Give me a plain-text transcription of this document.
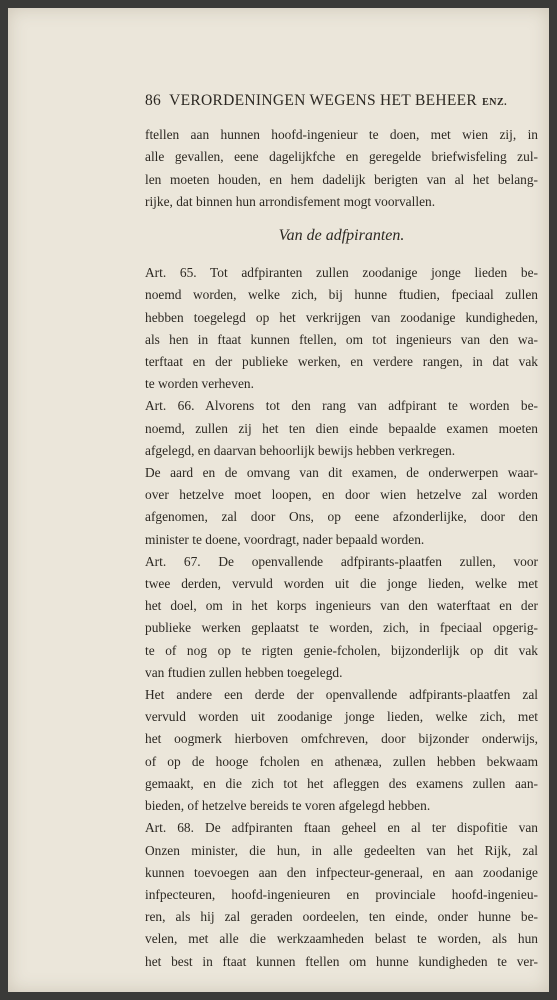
86 VERORDENINGEN WEGENS HET BEHEER ENZ.

ftellen aan hunnen hoofd-ingenieur te doen, met wien zij, in
alle gevallen, eene dagelijkfche en geregelde briefwisfeling zul-
len moeten houden, en hem dadelijk berigten van al het belang-
rijke, dat binnen hun arrondisfement mogt voorvallen.

Van de adfpiranten.

Art. 65. Tot adfpiranten zullen zoodanige jonge lieden be-
noemd worden, welke zich, bij hunne ftudien, fpeciaal zullen
hebben toegelegd op het verkrijgen van zoodanige kundigheden,
als hen in ftaat kunnen ftellen, om tot ingenieurs van den wa-
terftaat en der publieke werken, en verdere rangen, in dat vak
te worden verheven.

Art. 66. Alvorens tot den rang van adfpirant te worden be-
noemd, zullen zij het ten dien einde bepaalde examen moeten
afgelegd, en daarvan behoorlijk bewijs hebben verkregen.

De aard en de omvang van dit examen, de onderwerpen waar-
over hetzelve moet loopen, en door wien hetzelve zal worden
afgenomen, zal door Ons, op eene afzonderlijke, door den
minister te doene, voordragt, nader bepaald worden.

Art. 67. De openvallende adfpirants-plaatfen zullen, voor
twee derden, vervuld worden uit die jonge lieden, welke met
het doel, om in het korps ingenieurs van den waterftaat en der
publieke werken geplaatst te worden, zich, in fpeciaal opgerig-
te of nog op te rigten genie-fcholen, bijzonderlijk op dit vak
van ftudien zullen hebben toegelegd.

Het andere een derde der openvallende adfpirants-plaatfen zal
vervuld worden uit zoodanige jonge lieden, welke zich, met
het oogmerk hierboven omfchreven, door bijzonder onderwijs,
of op de hooge fcholen en athenæa, zullen hebben bekwaam
gemaakt, en die zich tot het afleggen des examens zullen aan-
bieden, of hetzelve bereids te voren afgelegd hebben.

Art. 68. De adfpiranten ftaan geheel en al ter dispofitie van
Onzen minister, die hun, in alle gedeelten van het Rijk, zal
kunnen toevoegen aan den infpecteur-generaal, en aan zoodanige
infpecteuren, hoofd-ingenieuren en provinciale hoofd-ingenieu-
ren, als hij zal geraden oordeelen, ten einde, onder hunne be-
velen, met alle die werkzaamheden belast te worden, als hun
het best in ftaat kunnen ftellen om hunne kundigheden te ver-
